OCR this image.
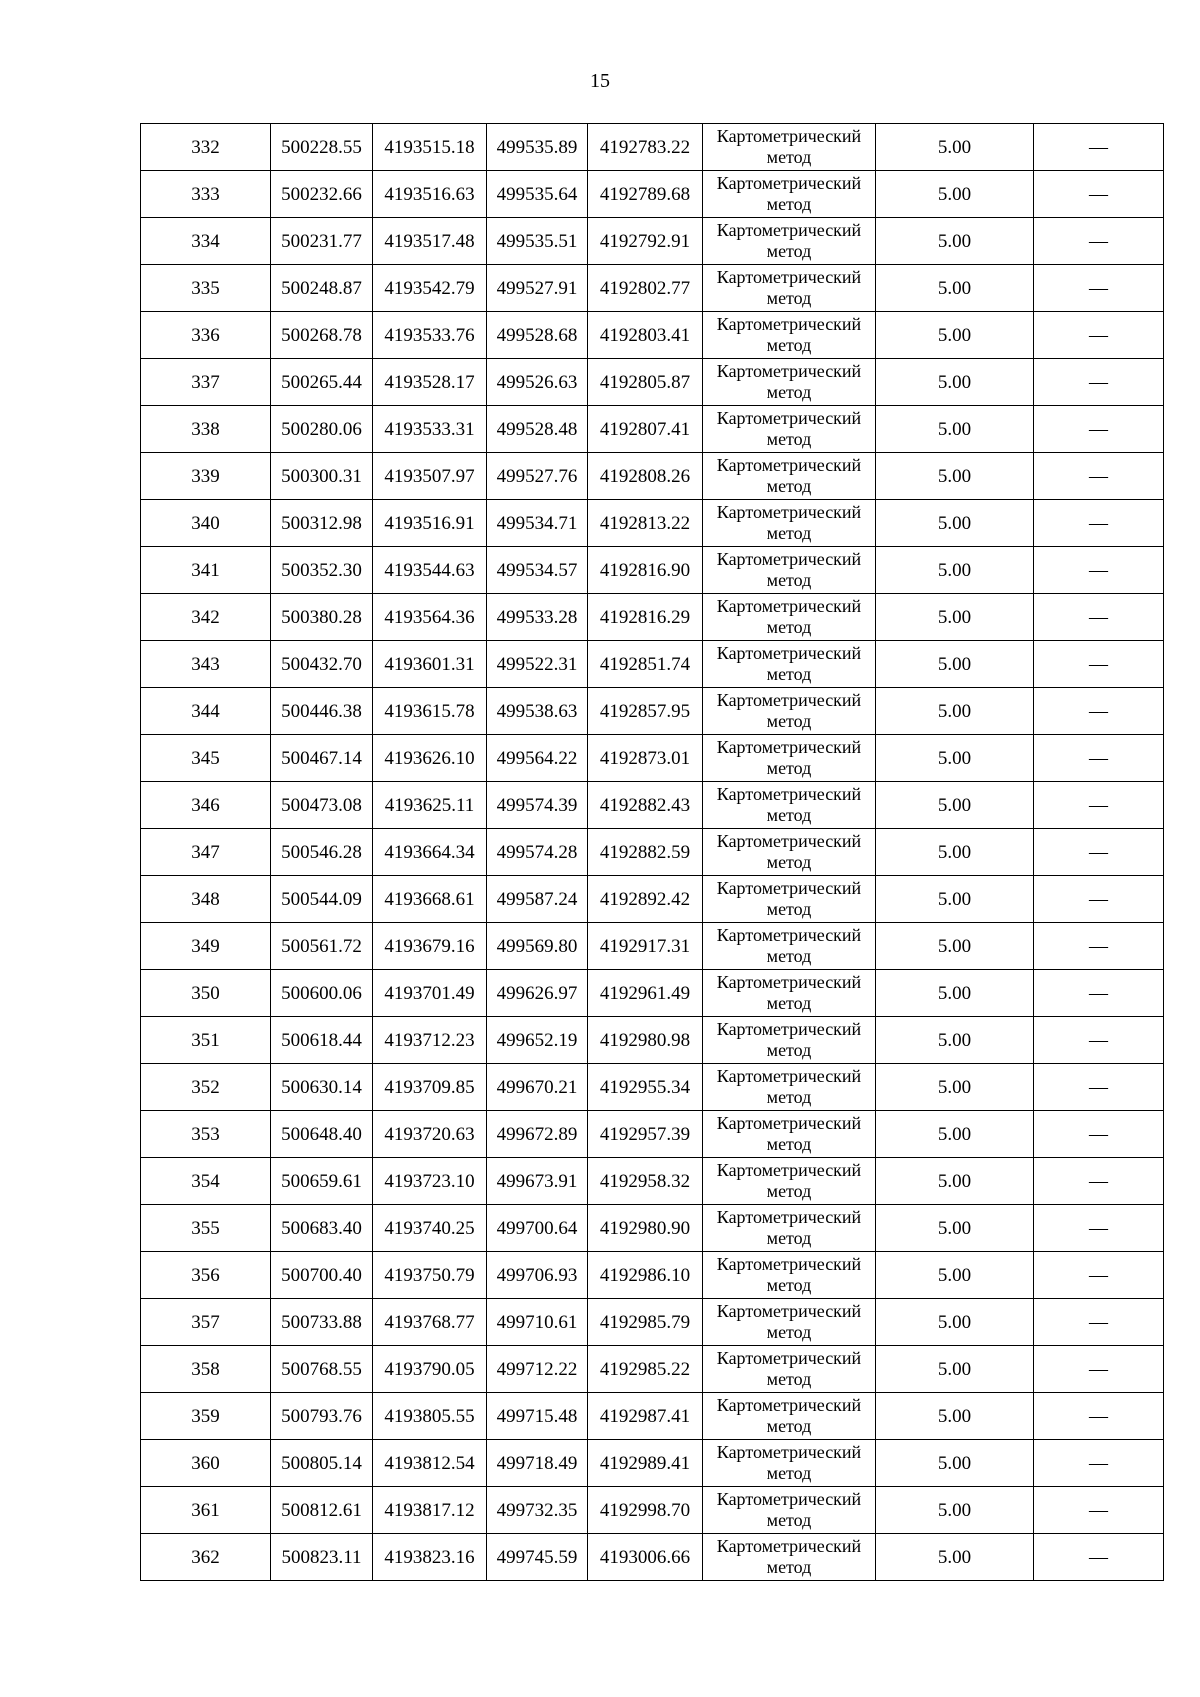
15
332	500228.55	4193515.18	499535.89	4192783.22	Картометрический
метод	5.00	—
333	500232.66	4193516.63	499535.64	4192789.68	Картометрический
метод	5.00	—
334	500231.77	4193517.48	499535.51	4192792.91	Картометрический
метод	5.00	—
335	500248.87	4193542.79	499527.91	4192802.77	Картометрический
метод	5.00	—
336	500268.78	4193533.76	499528.68	4192803.41	Картометрический
метод	5.00	—
337	500265.44	4193528.17	499526.63	4192805.87	Картометрический
метод	5.00	—
338	500280.06	4193533.31	499528.48	4192807.41	Картометрический
метод	5.00	—
339	500300.31	4193507.97	499527.76	4192808.26	Картометрический
метод	5.00	—
340	500312.98	4193516.91	499534.71	4192813.22	Картометрический
метод	5.00	—
341	500352.30	4193544.63	499534.57	4192816.90	Картометрический
метод	5.00	—
342	500380.28	4193564.36	499533.28	4192816.29	Картометрический
метод	5.00	—
343	500432.70	4193601.31	499522.31	4192851.74	Картометрический
метод	5.00	—
344	500446.38	4193615.78	499538.63	4192857.95	Картометрический
метод	5.00	—
345	500467.14	4193626.10	499564.22	4192873.01	Картометрический
метод	5.00	—
346	500473.08	4193625.11	499574.39	4192882.43	Картометрический
метод	5.00	—
347	500546.28	4193664.34	499574.28	4192882.59	Картометрический
метод	5.00	—
348	500544.09	4193668.61	499587.24	4192892.42	Картометрический
метод	5.00	—
349	500561.72	4193679.16	499569.80	4192917.31	Картометрический
метод	5.00	—
350	500600.06	4193701.49	499626.97	4192961.49	Картометрический
метод	5.00	—
351	500618.44	4193712.23	499652.19	4192980.98	Картометрический
метод	5.00	—
352	500630.14	4193709.85	499670.21	4192955.34	Картометрический
метод	5.00	—
353	500648.40	4193720.63	499672.89	4192957.39	Картометрический
метод	5.00	—
354	500659.61	4193723.10	499673.91	4192958.32	Картометрический
метод	5.00	—
355	500683.40	4193740.25	499700.64	4192980.90	Картометрический
метод	5.00	—
356	500700.40	4193750.79	499706.93	4192986.10	Картометрический
метод	5.00	—
357	500733.88	4193768.77	499710.61	4192985.79	Картометрический
метод	5.00	—
358	500768.55	4193790.05	499712.22	4192985.22	Картометрический
метод	5.00	—
359	500793.76	4193805.55	499715.48	4192987.41	Картометрический
метод	5.00	—
360	500805.14	4193812.54	499718.49	4192989.41	Картометрический
метод	5.00	—
361	500812.61	4193817.12	499732.35	4192998.70	Картометрический
метод	5.00	—
362	500823.11	4193823.16	499745.59	4193006.66	Картометрический
метод	5.00	—
